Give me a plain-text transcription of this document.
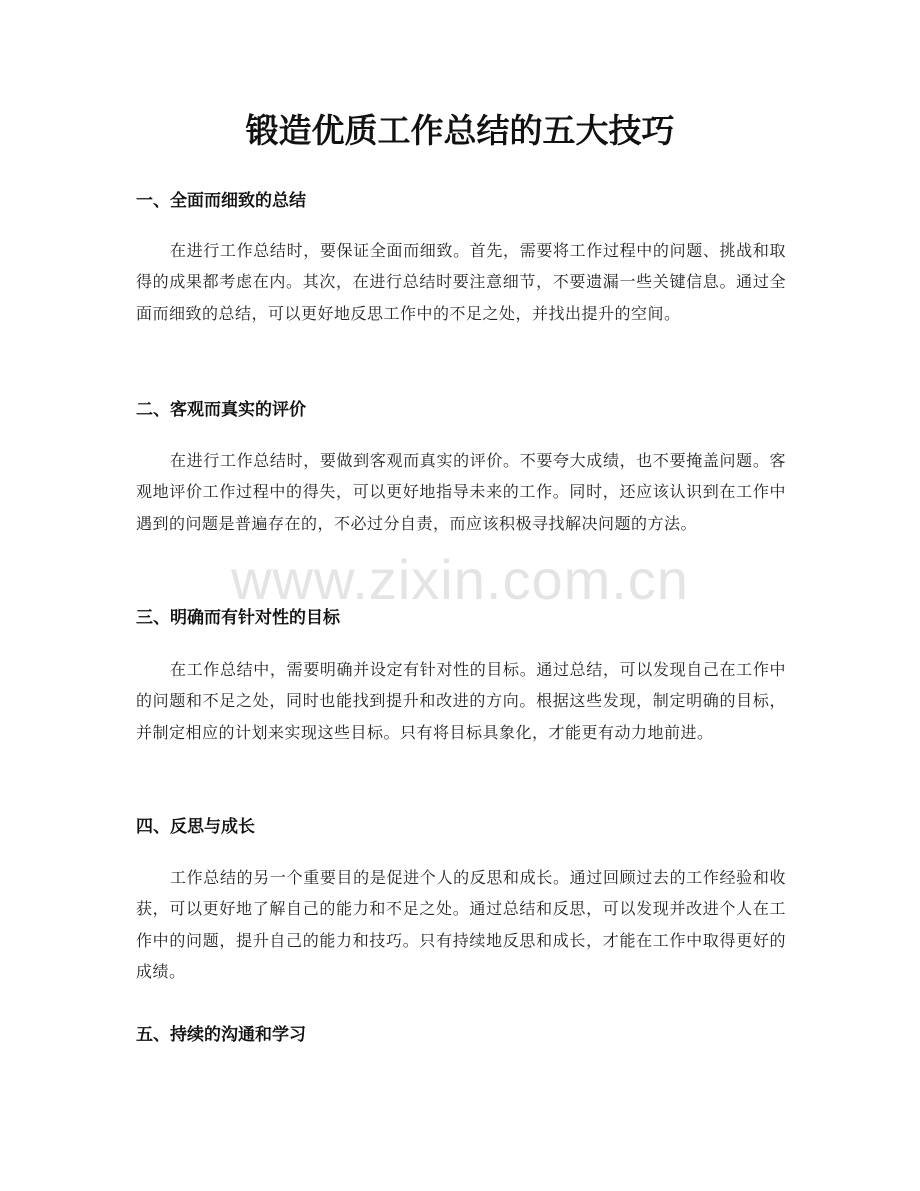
锻造优质工作总结的五大技巧
一、全面而细致的总结

在进行工作总结时，要保证全面而细致。首先，需要将工作过程中的问题、挑战和取得的成果都考虑在内。其次，在进行总结时要注意细节，不要遗漏一些关键信息。通过全面而细致的总结，可以更好地反思工作中的不足之处，并找出提升的空间。

二、客观而真实的评价

在进行工作总结时，要做到客观而真实的评价。不要夸大成绩，也不要掩盖问题。客观地评价工作过程中的得失，可以更好地指导未来的工作。同时，还应该认识到在工作中遇到的问题是普遍存在的，不必过分自责，而应该积极寻找解决问题的方法。

三、明确而有针对性的目标

在工作总结中，需要明确并设定有针对性的目标。通过总结，可以发现自己在工作中的问题和不足之处，同时也能找到提升和改进的方向。根据这些发现，制定明确的目标，并制定相应的计划来实现这些目标。只有将目标具象化，才能更有动力地前进。

四、反思与成长

工作总结的另一个重要目的是促进个人的反思和成长。通过回顾过去的工作经验和收获，可以更好地了解自己的能力和不足之处。通过总结和反思，可以发现并改进个人在工作中的问题，提升自己的能力和技巧。只有持续地反思和成长，才能在工作中取得更好的成绩。

五、持续的沟通和学习
www.zixin.com.cn
